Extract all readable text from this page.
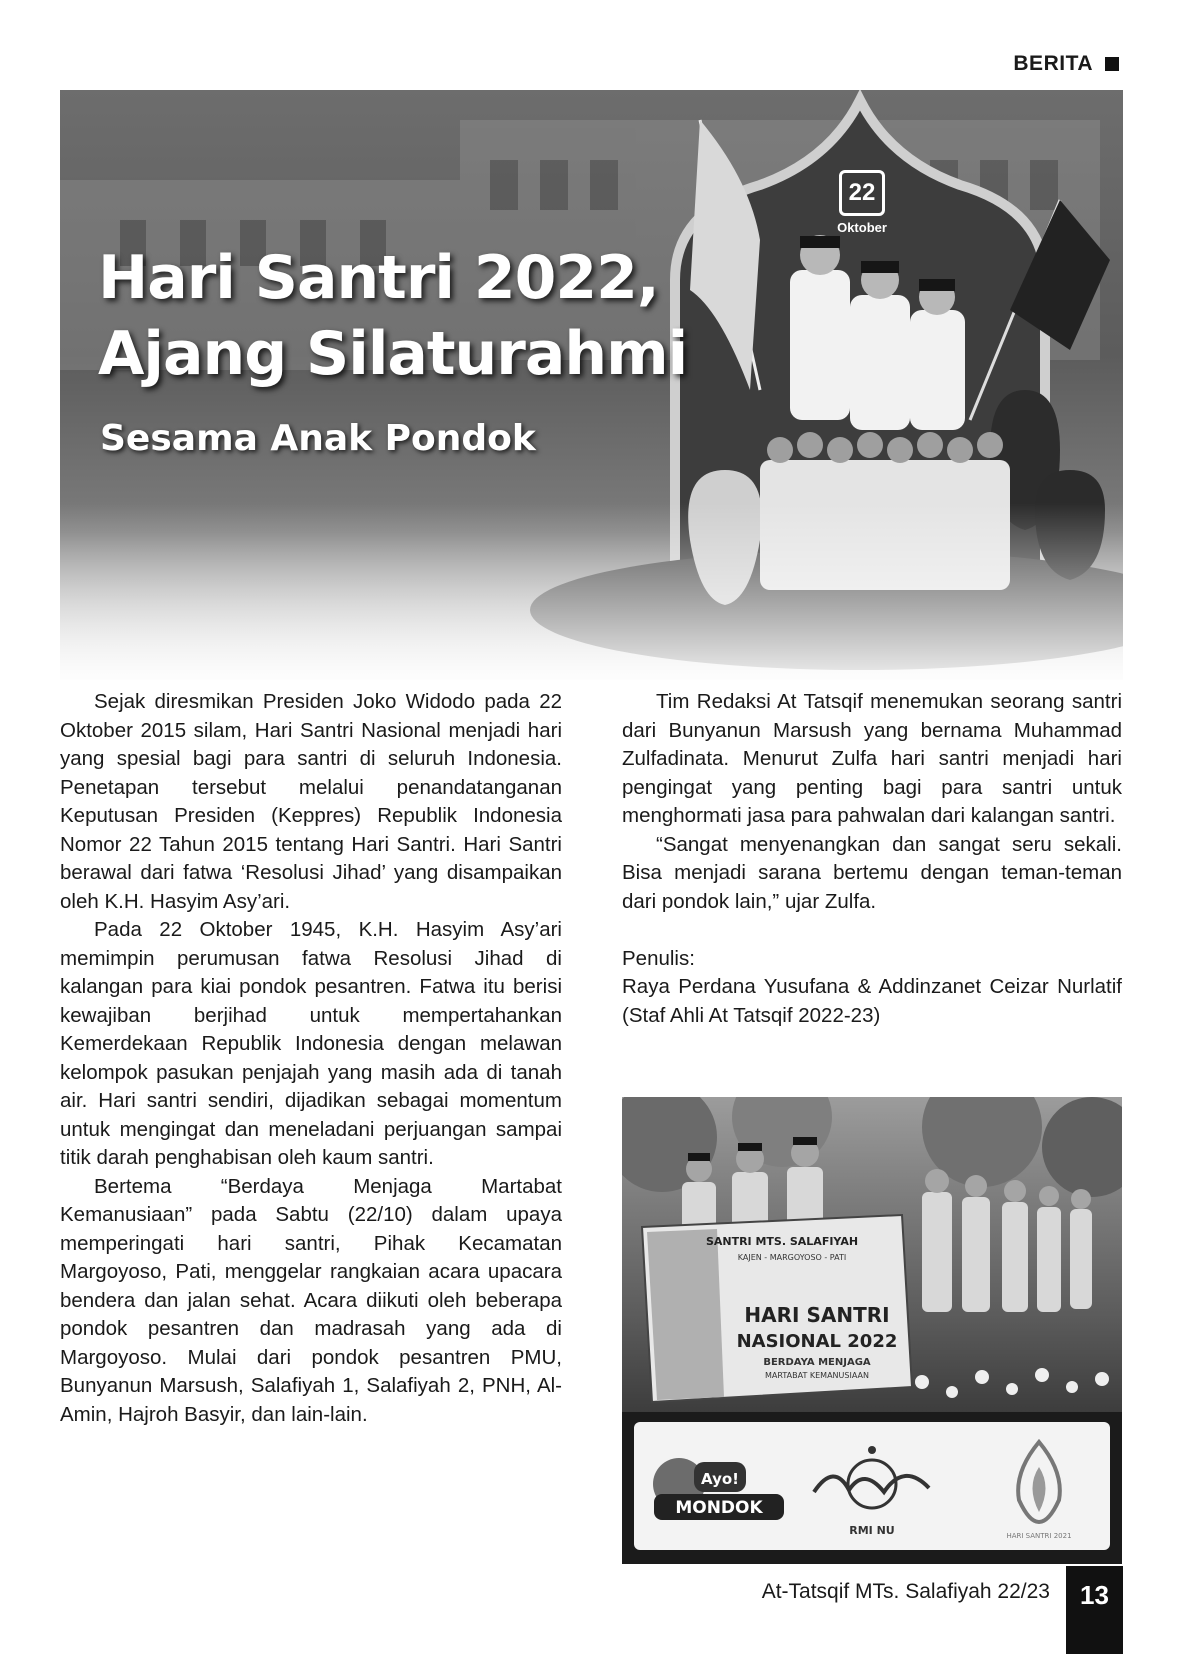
BERITA
22
Oktober
Hari Santri 2022,
Ajang Silaturahmi
Sesama Anak Pondok

Sejak diresmikan Presiden Joko Widodo pada 22 Oktober 2015 silam, Hari Santri Nasional menjadi hari yang spesial bagi para santri di seluruh Indonesia. Penetapan tersebut melalui penandatanganan Keputusan Presiden (Keppres) Republik Indonesia Nomor 22 Tahun 2015 tentang Hari Santri. Hari Santri berawal dari fatwa ‘Resolusi Jihad’ yang disampaikan oleh K.H. Hasyim Asy’ari.

Pada 22 Oktober 1945, K.H. Hasyim Asy’ari memimpin perumusan fatwa Resolusi Jihad di kalangan para kiai pondok pesantren. Fatwa itu berisi kewajiban berjihad untuk mempertahankan Kemerdekaan Republik Indonesia dengan melawan kelompok pasukan penjajah yang masih ada di tanah air. Hari santri sendiri, dijadikan sebagai momentum untuk mengingat dan meneladani perjuangan sampai titik darah penghabisan oleh kaum santri.

Bertema “Berdaya Menjaga Martabat Kemanusiaan” pada Sabtu (22/10) dalam upaya memperingati hari santri, Pihak Kecamatan Margoyoso, Pati, menggelar rangkaian acara upacara bendera dan jalan sehat. Acara diikuti oleh beberapa pondok pesantren dan madrasah yang ada di Margoyoso. Mulai dari pondok pesantren PMU, Bunyanun Marsush, Salafiyah 1, Salafiyah 2, PNH, Al-Amin, Hajroh Basyir, dan lain-lain.

Tim Redaksi At Tatsqif menemukan seorang santri dari Bunyanun Marsush yang bernama Muhammad Zulfadinata. Menurut Zulfa hari santri menjadi hari pengingat yang penting bagi para santri untuk menghormati jasa para pahwalan dari kalangan santri.

“Sangat menyenangkan dan sangat seru sekali. Bisa menjadi sarana bertemu dengan teman-teman dari pondok lain,” ujar Zulfa.

Penulis:

Raya Perdana Yusufana & Addinzanet Ceizar Nurlatif (Staf Ahli At Tatsqif 2022-23)

SANTRI MTS. SALAFIYAH
KAJEN - MARGOYOSO - PATI
HARI SANTRI
NASIONAL 2022
BERDAYA MENJAGA
MARTABAT KEMANUSIAAN
Ayo!
MONDOK
RMI NU	HARI SANTRI 2021
At-Tatsqif MTs. Salafiyah 22/23	13
